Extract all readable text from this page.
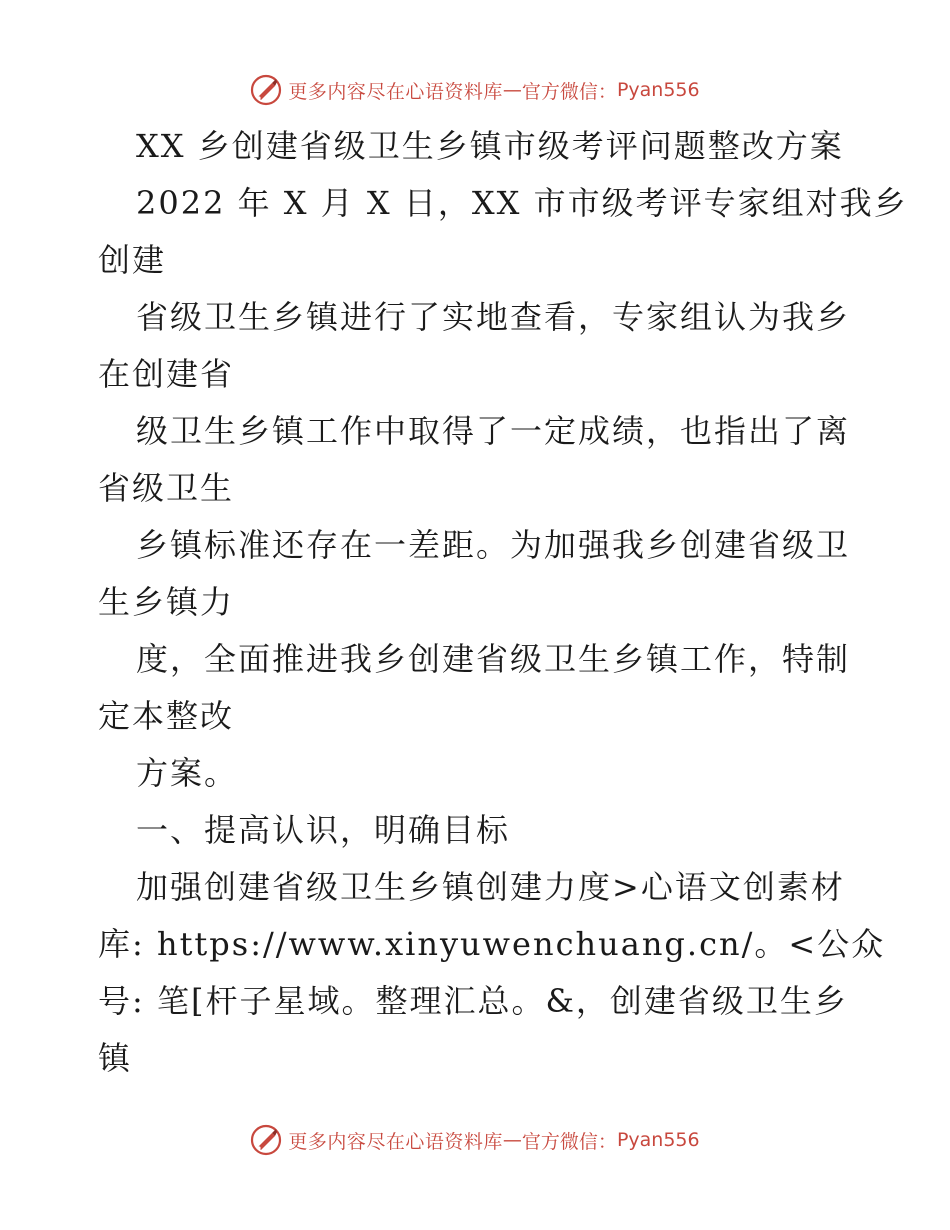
更多内容尽在心语资料库 — 官方微信： Pyan556
XX 乡创建省级卫生乡镇市级考评问题整改方案
2022 年 X 月 X 日，XX 市市级考评专家组对我乡
创建
省级卫生乡镇进行了实地查看，专家组认为我乡
在创建省
级卫生乡镇工作中取得了一定成绩，也指出了离
省级卫生
乡镇标准还存在一差距。为加强我乡创建省级卫
生乡镇力
度，全面推进我乡创建省级卫生乡镇工作，特制
定本整改
方案。
一、提高认识，明确目标
加强创建省级卫生乡镇创建力度>心语文创素材
库: https://www.xinyuwenchuang.cn/。<公众
号: 笔[杆子星域。整理汇总。&，创建省级卫生乡
镇
更多内容尽在心语资料库 — 官方微信： Pyan556
